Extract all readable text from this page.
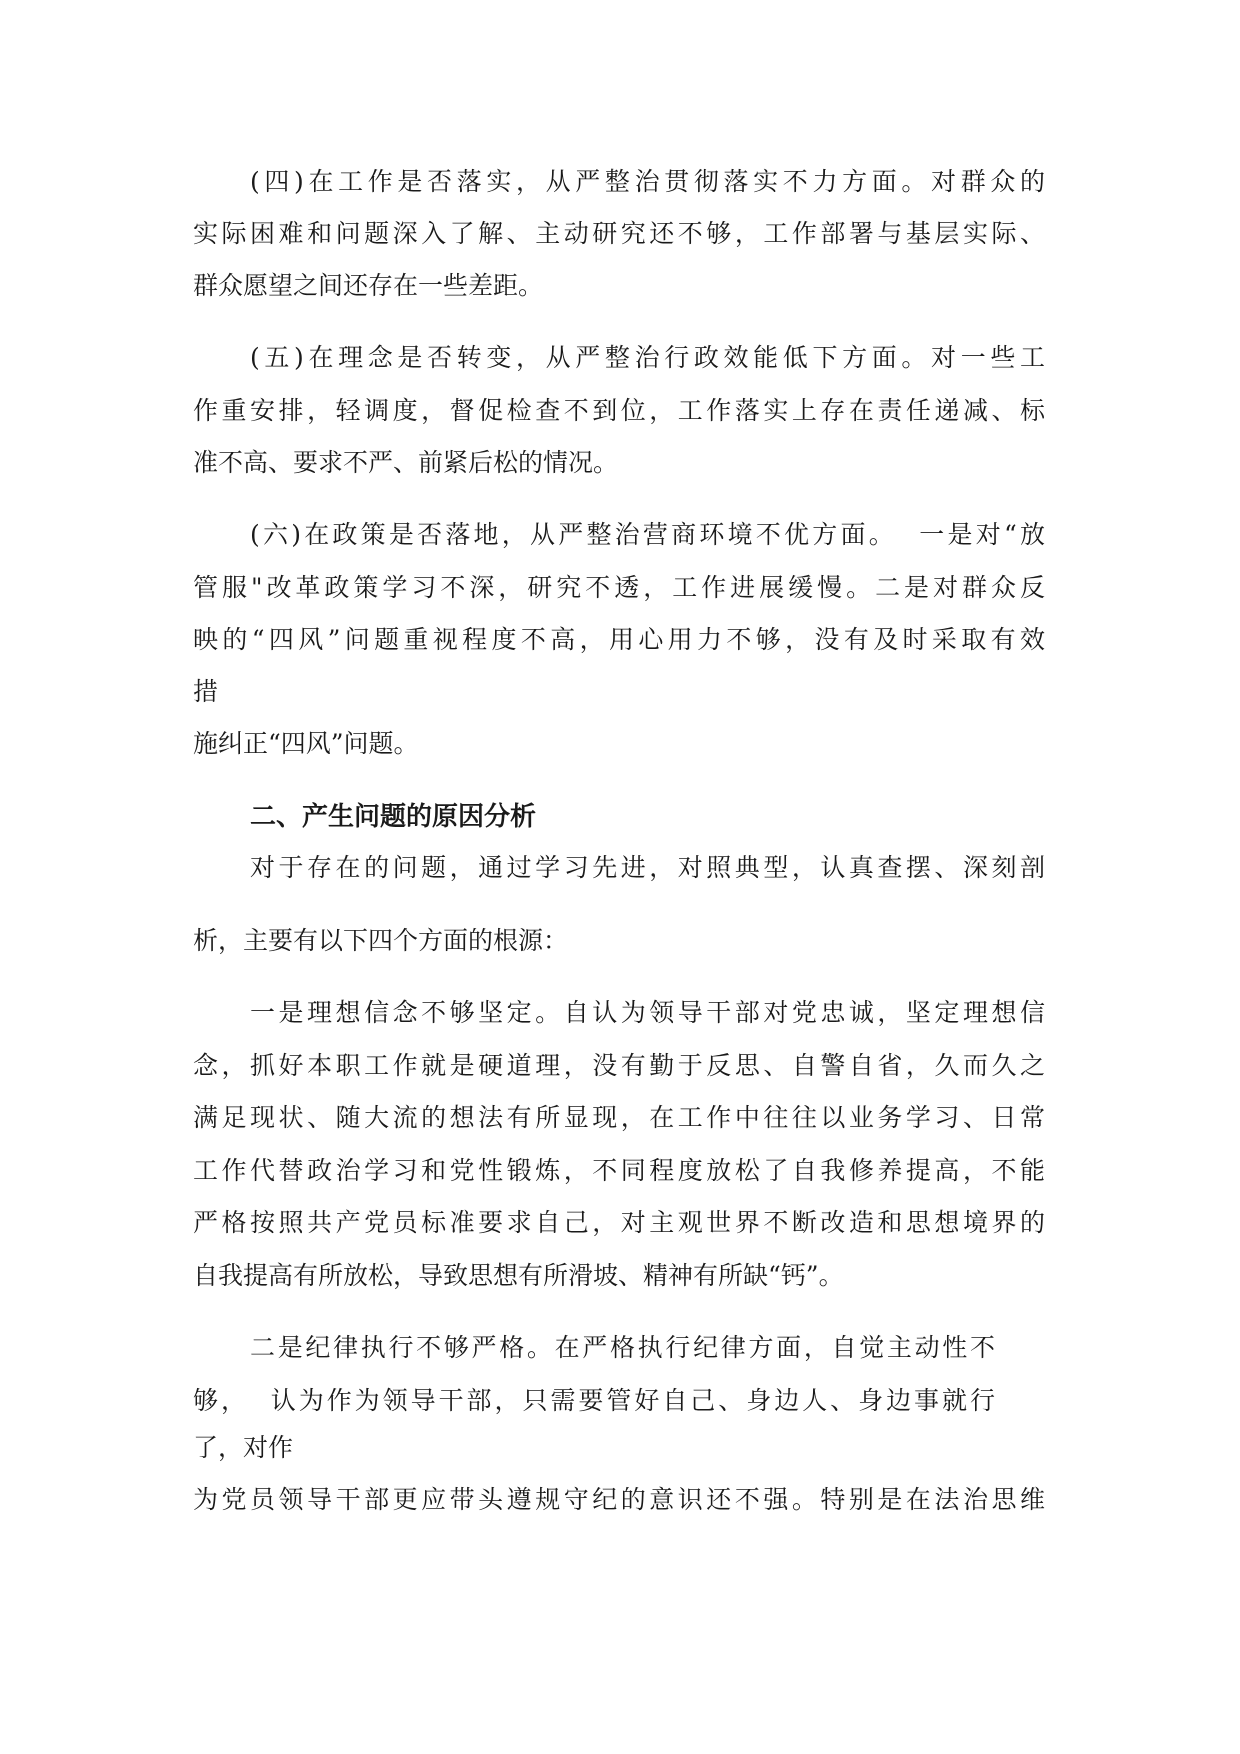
(四)在工作是否落实，从严整治贯彻落实不力方面。对群众的
实际困难和问题深入了解、主动研究还不够，工作部署与基层实际、
群众愿望之间还存在一些差距。
(五)在理念是否转变，从严整治行政效能低下方面。对一些工
作重安排，轻调度，督促检查不到位，工作落实上存在责任递减、标
准不高、要求不严、前紧后松的情况。
(六)在政策是否落地，从严整治营商环境不优方面。  一是对“放
管服"改革政策学习不深，研究不透，工作进展缓慢。二是对群众反
映的“四风”问题重视程度不高，用心用力不够，没有及时采取有效
措
施纠正“四风”问题。
二、产生问题的原因分析
对于存在的问题，通过学习先进，对照典型，认真查摆、深刻剖
析，主要有以下四个方面的根源：
一是理想信念不够坚定。自认为领导干部对党忠诚，坚定理想信
念，抓好本职工作就是硬道理，没有勤于反思、自警自省，久而久之
满足现状、随大流的想法有所显现，在工作中往往以业务学习、日常
工作代替政治学习和党性锻炼，不同程度放松了自我修养提高，不能
严格按照共产党员标准要求自己，对主观世界不断改造和思想境界的
自我提高有所放松，导致思想有所滑坡、精神有所缺“钙”。
二是纪律执行不够严格。在严格执行纪律方面，自觉主动性不
够，  认为作为领导干部，只需要管好自己、身边人、身边事就行
了，对作
为党员领导干部更应带头遵规守纪的意识还不强。特别是在法治思维
